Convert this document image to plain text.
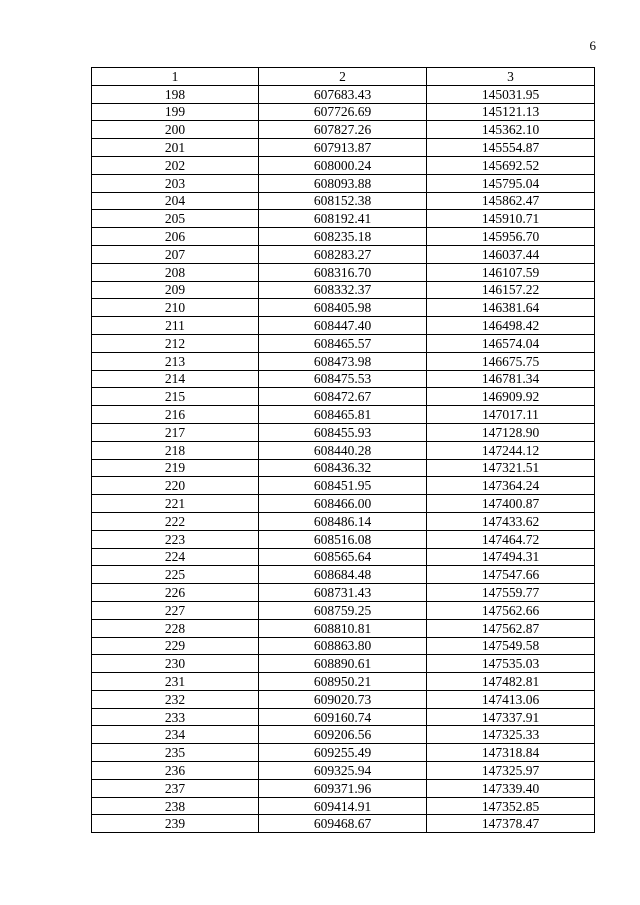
6
1	2	3
198	607683.43	145031.95
199	607726.69	145121.13
200	607827.26	145362.10
201	607913.87	145554.87
202	608000.24	145692.52
203	608093.88	145795.04
204	608152.38	145862.47
205	608192.41	145910.71
206	608235.18	145956.70
207	608283.27	146037.44
208	608316.70	146107.59
209	608332.37	146157.22
210	608405.98	146381.64
211	608447.40	146498.42
212	608465.57	146574.04
213	608473.98	146675.75
214	608475.53	146781.34
215	608472.67	146909.92
216	608465.81	147017.11
217	608455.93	147128.90
218	608440.28	147244.12
219	608436.32	147321.51
220	608451.95	147364.24
221	608466.00	147400.87
222	608486.14	147433.62
223	608516.08	147464.72
224	608565.64	147494.31
225	608684.48	147547.66
226	608731.43	147559.77
227	608759.25	147562.66
228	608810.81	147562.87
229	608863.80	147549.58
230	608890.61	147535.03
231	608950.21	147482.81
232	609020.73	147413.06
233	609160.74	147337.91
234	609206.56	147325.33
235	609255.49	147318.84
236	609325.94	147325.97
237	609371.96	147339.40
238	609414.91	147352.85
239	609468.67	147378.47
